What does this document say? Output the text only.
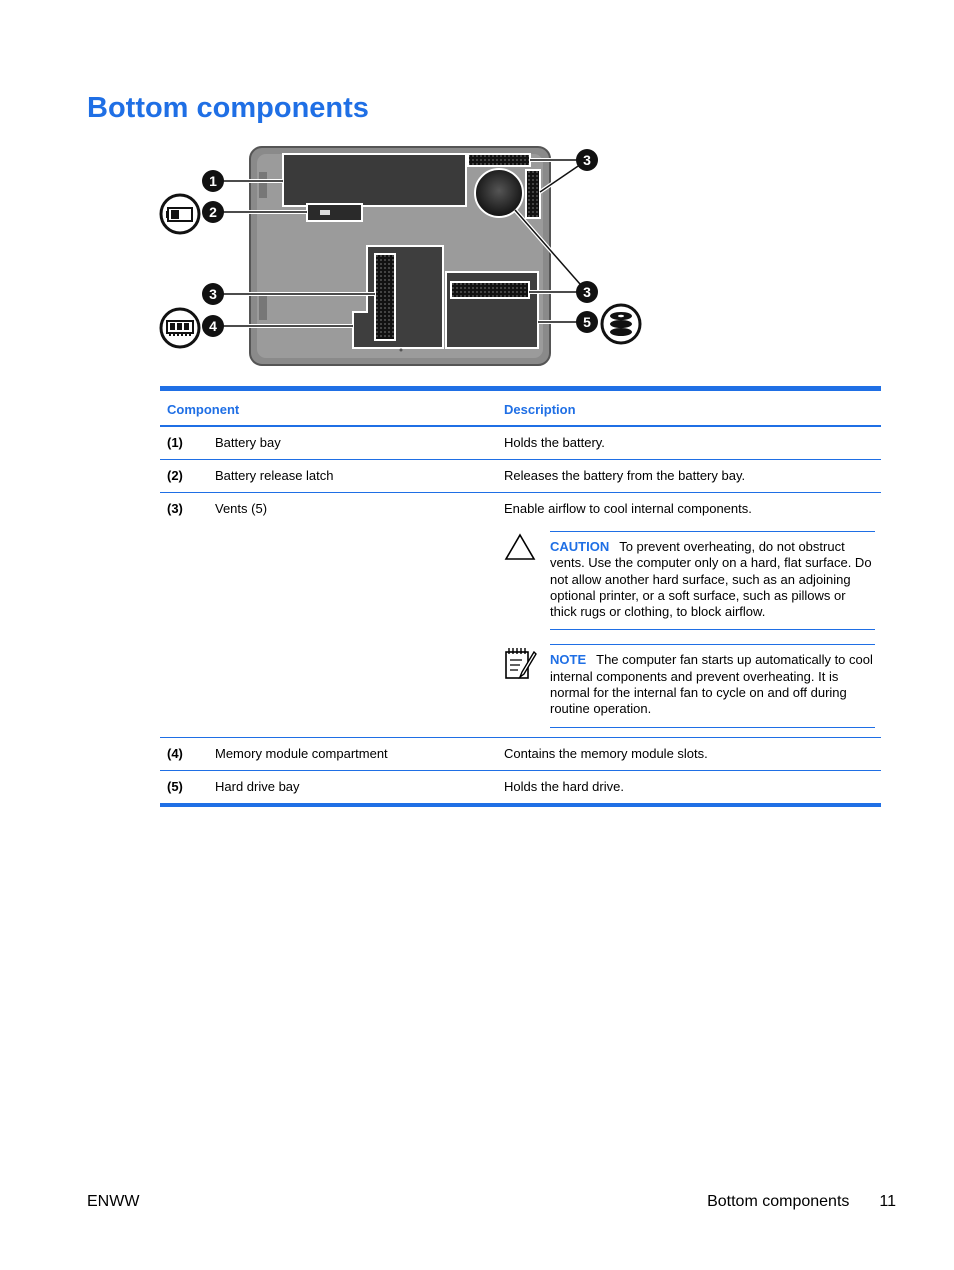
Bottom components
1
2
3
3	3
4	5
Component		Description
(1)	Battery bay	Holds the battery.
(2)	Battery release latch	Releases the battery from the battery bay.
(3)	Vents (5)	Enable airflow to cool internal components.
CAUTION To prevent overheating, do not obstruct vents. Use the computer only on a hard, flat surface. Do not allow another hard surface, such as an adjoining optional printer, or a soft surface, such as pillows or thick rugs or clothing, to block airflow.
NOTE The computer fan starts up automatically to cool internal components and prevent overheating. It is normal for the internal fan to cycle on and off during routine operation.

(4)	Memory module compartment	Contains the memory module slots.
(5)	Hard drive bay	Holds the hard drive.
ENWW	Bottom components 11
